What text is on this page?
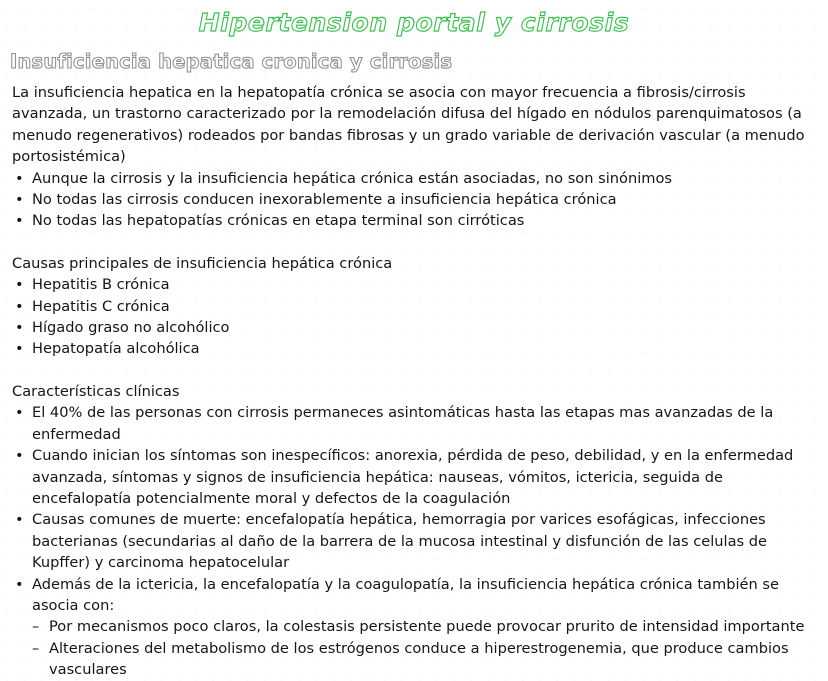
Hipertension portal y cirrosis
Insuficiencia hepatica cronica y cirrosis

La insuficiencia hepatica en la hepatopatía crónica se asocia con mayor frecuencia a fibrosis/cirrosis avanzada, un trastorno caracterizado por la remodelación difusa del hígado en nódulos parenquimatosos (a menudo regenerativos) rodeados por bandas fibrosas y un grado variable de derivación vascular (a menudo portosistémica)

• Aunque la cirrosis y la insuficiencia hepática crónica están asociadas, no son sinónimos
• No todas las cirrosis conducen inexorablemente a insuficiencia hepática crónica
• No todas las hepatopatías crónicas en etapa terminal son cirróticas

Causas principales de insuficiencia hepática crónica

• Hepatitis B crónica
• Hepatitis C crónica
• Hígado graso no alcohólico
• Hepatopatía alcohólica

Características clínicas

• El 40% de las personas con cirrosis permaneces asintomáticas hasta las etapas mas avanzadas de la enfermedad
• Cuando inician los síntomas son inespecíficos: anorexia, pérdida de peso, debilidad, y en la enfermedad avanzada, síntomas y signos de insuficiencia hepática: nauseas, vómitos, ictericia, seguida de encefalopatía potencialmente moral y defectos de la coagulación
• Causas comunes de muerte: encefalopatía hepática, hemorragia por varices esofágicas, infecciones bacterianas (secundarias al daño de la barrera de la mucosa intestinal y disfunción de las celulas de Kupffer) y carcinoma hepatocelular
• Además de la ictericia, la encefalopatía y la coagulopatía, la insuficiencia hepática crónica también se asocia con:
– Por mecanismos poco claros, la colestasis persistente puede provocar prurito de intensidad importante
– Alteraciones del metabolismo de los estrógenos conduce a hiperestrogenemia, que produce cambios vasculares
